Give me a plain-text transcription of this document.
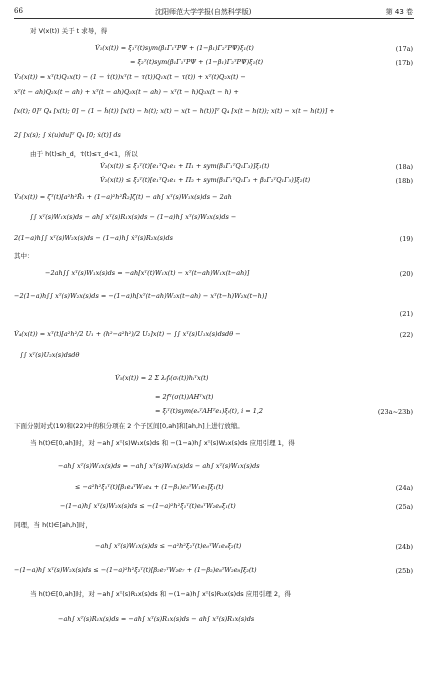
66	沈阳师范大学学报(自然科学版)	第 43 卷
对 V(x(t)) 关于 t 求导，得
V̇₁(x(t)) = ξ₁ᵀ(t)sym(β₁Γ₁ᵀPΨ + (1−β₁)Γ₂ᵀPΨ)ξ₁(t)	(17a)
= ξ₂ᵀ(t)sym(β₁Γ₁ᵀPΨ + (1−β₁)Γ₂ᵀPΨ)ξ₁(t)	(17b)
V̇₂(x(t)) = xᵀ(t)Q₁x(t) − (1 − τ̇(t))xᵀ(t − τ(t))Q₁x(t − τ(t)) + xᵀ(t)Q₂x(t) −
xᵀ(t − ah)Q₂x(t − ah) + xᵀ(t − ah)Q₃x(t − ah) − xᵀ(t − h)Q₃x(t − h) +
[x(t); 0]ᵀ Q₄ [x(t); 0] − (1 − ḣ(t)) [x(t) − h(t); x(t) − x(t − h(t))]ᵀ Q₄ [x(t − h(t)); x(t) − x(t − h(t))] +
2∫ [x(s); ∫ ẋ(u)du]ᵀ Q₄ [0; ẋ(t)] ds
由于 h(t)≤h_d，τ̇(t)≤τ_d<1，所以
V̇₂(x(t)) ≤ ξ₁ᵀ(t)[e₁ᵀQ₁e₁ + Π₁ + sym(β₁Γ₁ᵀQ₁Γ₃)]ξ₁(t)	(18a)
V̇₂(x(t)) ≤ ξ₂ᵀ(t)[e₁ᵀQ₁e₁ + Π₂ + sym(β₁Γ₁ᵀQ₁Γ₃ + β₂Γ₂ᵀQ₁Γ₅)]ξ₂(t)	(18b)
V̇₃(x(t)) = ζᵀ(t)[a²h²R̄₁ + (1−a)²h²R̄₂]ζ(t) − ah∫ xᵀ(s)W₁x(s)ds − 2ah
∫∫ xᵀ(s)W₁x(s)ds − ah∫ xᵀ(s)R₁x(s)ds − (1−a)h∫ xᵀ(s)W₂x(s)ds −
2(1−a)h∫∫ xᵀ(s)W₂x(s)ds − (1−a)h∫ ẋᵀ(s)R₂x(s)ds	(19)
其中：
−2ah∫∫ xᵀ(s)W₁x(s)ds = −ah[xᵀ(t)W₁x(t) − xᵀ(t−ah)W₁x(t−ah)]	(20)
−2(1−a)h∫∫ xᵀ(s)W₂x(s)ds = −(1−a)h[xᵀ(t−ah)W₂x(t−ah) − xᵀ(t−h)W₂x(t−h)]
(21)
V̇₄(x(t)) = xᵀ(t)[a²h²/2 U₁ + (h²−a²h²)/2 U₂]x(t) − ∫∫ xᵀ(s)U₁x(s)dsdθ −	(22)
∫∫ xᵀ(s)U₂x(s)dsdθ
V̇₅(x(t)) = 2 Σ λᵢfᵢ(σᵢ(t))hᵢᵀx(t)
= 2fᵀ(σ(t))AHᵀx(t)
= ξᵢᵀ(t)sym(eₛᵀAHᵀe₁)ξᵢ(t), i = 1,2	(23a~23b)
下面分别对式(19)和(22)中的积分项在 2 个子区间[0,ah]和[ah,h]上进行放缩。
当 h(t)∈[0,ah]时，对 −ah∫ xᵀ(s)W₁x(s)ds 和 −(1−a)h∫ xᵀ(s)W₂x(s)ds 应用引理 1，得
−ah∫ xᵀ(s)W₁x(s)ds = −ah∫ xᵀ(s)W₁x(s)ds − ah∫ xᵀ(s)W₁x(s)ds
≤ −a²h²ξ₁ᵀ(t)[β₁e₄ᵀW₁e₄ + (1−β₁)e₅ᵀW₁e₅]ξ₁(t)	(24a)
−(1−a)h∫ xᵀ(s)W₂x(s)ds ≤ −(1−a)²h²ξ₁ᵀ(t)e₆ᵀW₂e₆ξ₁(t)	(25a)
同理，当 h(t)∈[ah,h]时，
−ah∫ xᵀ(s)W₁x(s)ds ≤ −a²h²ξ₂ᵀ(t)e₆ᵀW₁e₆ξ₂(t)	(24b)
−(1−a)h∫ xᵀ(s)W₂x(s)ds ≤ −(1−a)²h²ξ₂ᵀ(t)[β₂e₇ᵀW₂e₇ + (1−β₂)e₈ᵀW₂e₈]ξ₂(t)	(25b)
当 h(t)∈[0,ah]时，对 −ah∫ xᵀ(s)R₁x(s)ds 和 −(1−a)h∫ xᵀ(s)R₂x(s)ds 应用引理 2，得
−ah∫ xᵀ(s)R₁x(s)ds = −ah∫ xᵀ(s)R₁x(s)ds − ah∫ xᵀ(s)R₁x(s)ds
